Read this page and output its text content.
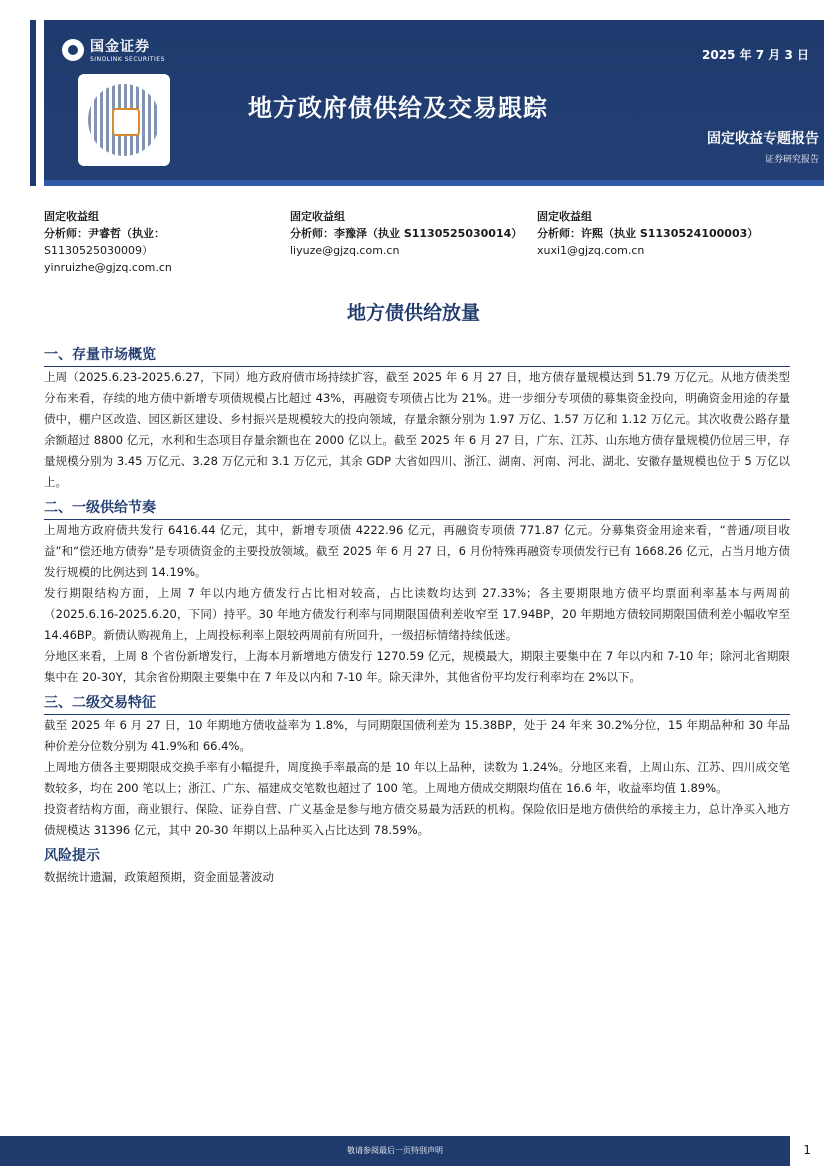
国金证券
SINOLINK SECURITIES	2025 年 7 月 3 日
地方政府债供给及交易跟踪
固定收益专题报告
证券研究报告
固定收益组
分析师：尹睿哲（执业：
S1130525030009）
yinruizhe@gjzq.com.cn
固定收益组
分析师：李豫泽（执业 S1130525030014）
liyuze@gjzq.com.cn
固定收益组
分析师：许熙（执业 S1130524100003）
xuxi1@gjzq.com.cn
地方债供给放量
一、存量市场概览

上周（2025.6.23-2025.6.27，下同）地方政府债市场持续扩容，截至 2025 年 6 月 27 日，地方债存量规模达到 51.79 万亿元。从地方债类型分布来看，存续的地方债中新增专项债规模占比超过 43%，再融资专项债占比为 21%。进一步细分专项债的募集资金投向，明确资金用途的存量债中，棚户区改造、园区新区建设、乡村振兴是规模较大的投向领域，存量余额分别为 1.97 万亿、1.57 万亿和 1.12 万亿元。其次收费公路存量余额超过 8800 亿元，水利和生态项目存量余额也在 2000 亿以上。截至 2025 年 6 月 27 日，广东、江苏、山东地方债存量规模仍位居三甲，存量规模分别为 3.45 万亿元、3.28 万亿元和 3.1 万亿元，其余 GDP 大省如四川、浙江、湖南、河南、河北、湖北、安徽存量规模也位于 5 万亿以上。

二、一级供给节奏

上周地方政府债共发行 6416.44 亿元，其中，新增专项债 4222.96 亿元，再融资专项债 771.87 亿元。分募集资金用途来看，“普通/项目收益”和“偿还地方债券”是专项债资金的主要投放领域。截至 2025 年 6 月 27 日，6 月份特殊再融资专项债发行已有 1668.26 亿元，占当月地方债发行规模的比例达到 14.19%。

发行期限结构方面，上周 7 年以内地方债发行占比相对较高，占比读数均达到 27.33%；各主要期限地方债平均票面利率基本与两周前（2025.6.16-2025.6.20，下同）持平。30 年地方债发行利率与同期限国债利差收窄至 17.94BP，20 年期地方债较同期限国债利差小幅收窄至 14.46BP。新债认购视角上，上周投标利率上限较两周前有所回升，一级招标情绪持续低迷。

分地区来看，上周 8 个省份新增发行，上海本月新增地方债发行 1270.59 亿元，规模最大，期限主要集中在 7 年以内和 7-10 年；除河北省期限集中在 20-30Y，其余省份期限主要集中在 7 年及以内和 7-10 年。除天津外，其他省份平均发行利率均在 2%以下。

三、二级交易特征

截至 2025 年 6 月 27 日，10 年期地方债收益率为 1.8%，与同期限国债利差为 15.38BP，处于 24 年来 30.2%分位，15 年期品种和 30 年品种价差分位数分别为 41.9%和 66.4%。

上周地方债各主要期限成交换手率有小幅提升，周度换手率最高的是 10 年以上品种，读数为 1.24%。分地区来看，上周山东、江苏、四川成交笔数较多，均在 200 笔以上；浙江、广东、福建成交笔数也超过了 100 笔。上周地方债成交期限均值在 16.6 年，收益率均值 1.89%。

投资者结构方面，商业银行、保险、证券自营、广义基金是参与地方债交易最为活跃的机构。保险依旧是地方债供给的承接主力，总计净买入地方债规模达 31396 亿元，其中 20-30 年期以上品种买入占比达到 78.59%。

风险提示

数据统计遗漏，政策超预期，资金面显著波动

敬请参阅最后一页特别声明	1
